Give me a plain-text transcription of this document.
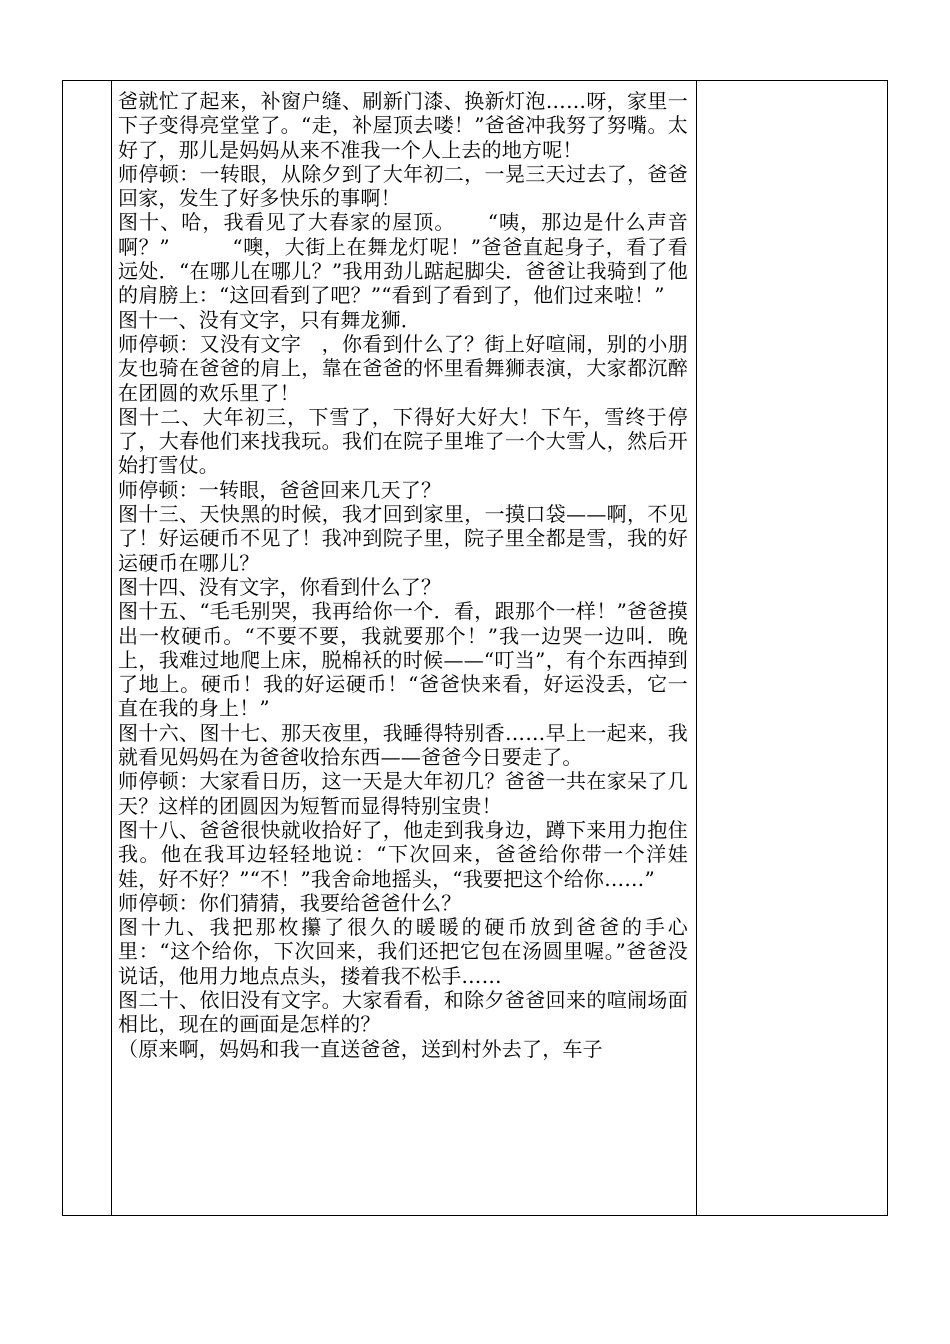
爸就忙了起来，补窗户缝、刷新门漆、换新灯泡……呀，家里一下子变得亮堂堂了。“走，补屋顶去喽！”爸爸冲我努了努嘴。太好了，那儿是妈妈从来不准我一个人上去的地方呢！

师停顿：一转眼，从除夕到了大年初二，一晃三天过去了，爸爸回家，发生了好多快乐的事啊！

图十、哈，我看见了大春家的屋顶。　　“咦，那边是什么声音啊？”　　　“噢，大街上在舞龙灯呢！”爸爸直起身子，看了看远处．“在哪儿在哪儿？”我用劲儿踮起脚尖．爸爸让我骑到了他的肩膀上：“这回看到了吧？”“看到了看到了，他们过来啦！”

图十一、没有文字，只有舞龙狮．

师停顿：又没有文字　，你看到什么了？街上好喧闹，别的小朋友也骑在爸爸的肩上，靠在爸爸的怀里看舞狮表演，大家都沉醉在团圆的欢乐里了！

图十二、大年初三，下雪了，下得好大好大！下午，雪终于停了，大春他们来找我玩。我们在院子里堆了一个大雪人，然后开始打雪仗。

师停顿：一转眼，爸爸回来几天了？

图十三、天快黑的时候，我才回到家里，一摸口袋——啊，不见了！好运硬币不见了！我冲到院子里，院子里全都是雪，我的好运硬币在哪儿？

图十四、没有文字，你看到什么了？

图十五、“毛毛别哭，我再给你一个．看，跟那个一样！”爸爸摸出一枚硬币。“不要不要，我就要那个！”我一边哭一边叫．晚上，我难过地爬上床，脱棉袄的时候——“叮当”，有个东西掉到了地上。硬币！我的好运硬币！“爸爸快来看，好运没丢，它一直在我的身上！”

图十六、图十七、那天夜里，我睡得特别香……早上一起来，我就看见妈妈在为爸爸收拾东西——爸爸今日要走了。

师停顿：大家看日历，这一天是大年初几？爸爸一共在家呆了几天？这样的团圆因为短暂而显得特别宝贵！

图十八、爸爸很快就收拾好了，他走到我身边，蹲下来用力抱住我。他在我耳边轻轻地说：“下次回来，爸爸给你带一个洋娃娃，好不好？”“不！”我舍命地摇头，“我要把这个给你……”

师停顿：你们猜猜，我要给爸爸什么？

图十九、我把那枚攥了很久的暖暖的硬币放到爸爸的手心里：“这个给你，下次回来，我们还把它包在汤圆里喔。”爸爸没说话，他用力地点点头，搂着我不松手……

图二十、依旧没有文字。大家看看，和除夕爸爸回来的喧闹场面相比，现在的画面是怎样的？

（原来啊，妈妈和我一直送爸爸，送到村外去了，车子
